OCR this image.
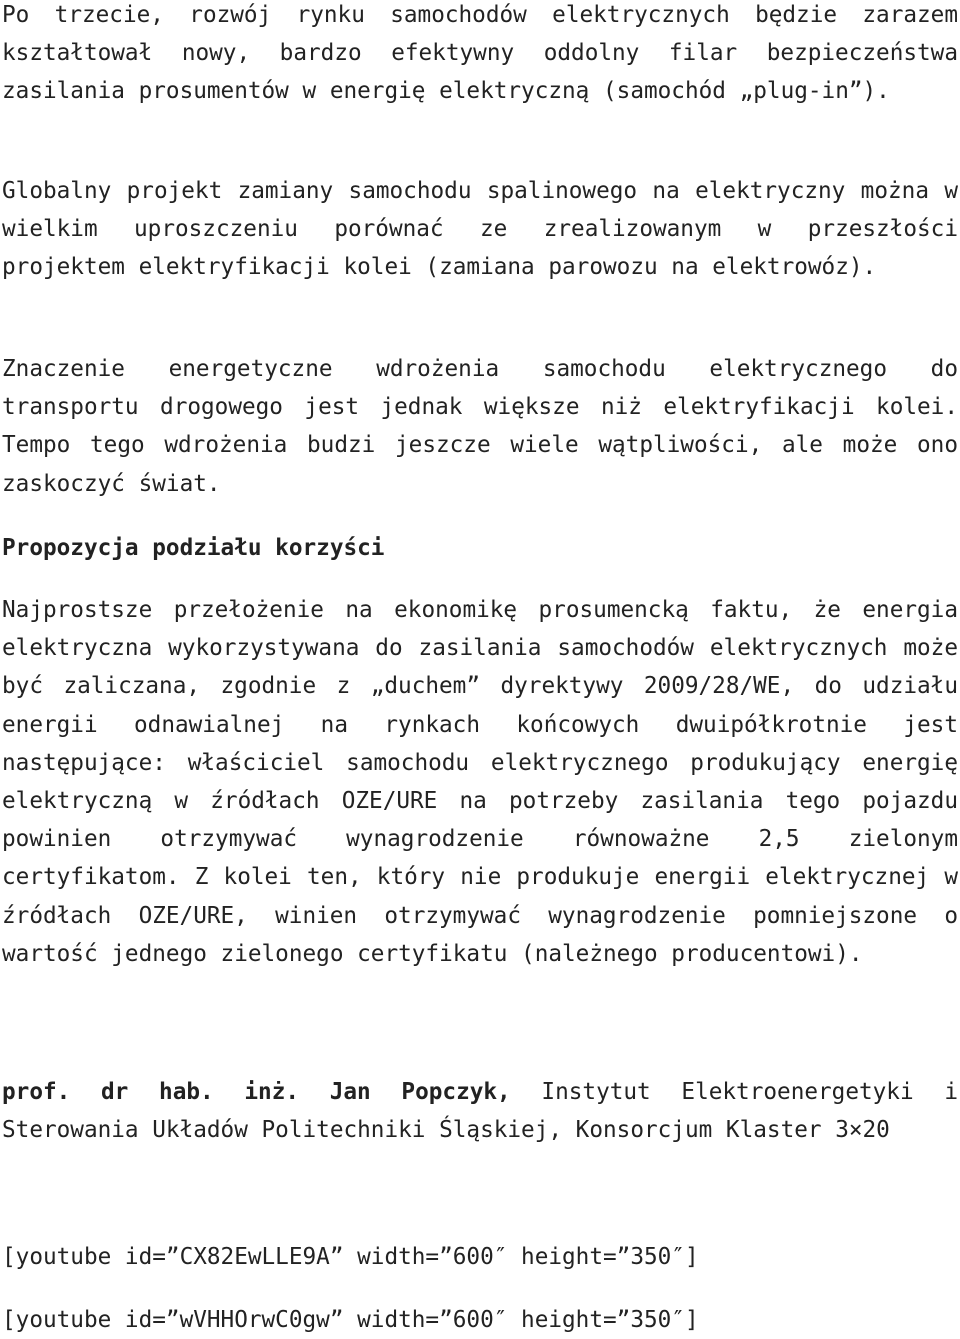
Po trzecie, rozwój rynku samochodów elektrycznych będzie zarazem kształtował nowy, bardzo efektywny oddolny filar bezpieczeństwa zasilania prosumentów w energię elektryczną (samochód „plug-in”).

Globalny projekt zamiany samochodu spalinowego na elektryczny można w wielkim uproszczeniu porównać ze zrealizowanym w przeszłości projektem elektryfikacji kolei (zamiana parowozu na elektrowóz).

Znaczenie energetyczne wdrożenia samochodu elektrycznego do transportu drogowego jest jednak większe niż elektryfikacji kolei. Tempo tego wdrożenia budzi jeszcze wiele wątpliwości, ale może ono zaskoczyć świat.

Propozycja podziału korzyści

Najprostsze przełożenie na ekonomikę prosumencką faktu, że energia elektryczna wykorzystywana do zasilania samochodów elektrycznych może być zaliczana, zgodnie z „duchem” dyrektywy 2009/28/WE, do udziału energii odnawialnej na rynkach końcowych dwuipółkrotnie jest następujące: właściciel samochodu elektrycznego produkujący energię elektryczną w źródłach OZE/URE na potrzeby zasilania tego pojazdu powinien otrzymywać wynagrodzenie równoważne 2,5 zielonym certyfikatom. Z kolei ten, który nie produkuje energii elektrycznej w źródłach OZE/URE, winien otrzymywać wynagrodzenie pomniejszone o wartość jednego zielonego certyfikatu (należnego producentowi).

prof. dr hab. inż. Jan Popczyk, Instytut Elektroenergetyki i Sterowania Układów Politechniki Śląskiej, Konsorcjum Klaster 3×20

[youtube id=”CX82EwLLE9A” width=”600″ height=”350″]

[youtube id=”wVHHOrwC0gw” width=”600″ height=”350″]
